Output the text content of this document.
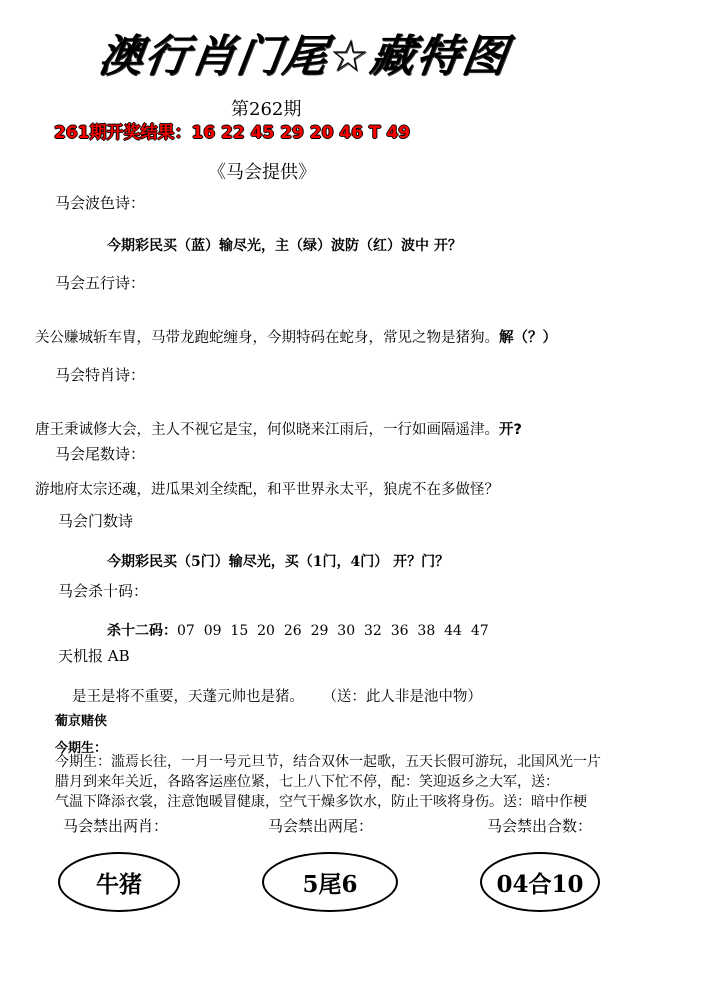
澳行肖门尾☆藏特图
第262期
261期开奖结果：16 22 45 29 20 46 T 49
《马会提供》
马会波色诗：
今期彩民买（蓝）输尽光，主（绿）波防（红）波中 开？
马会五行诗：
关公赚城斩车胄，马带龙跑蛇缠身，今期特码在蛇身，常见之物是猪狗。解（？）
马会特肖诗：
唐王秉诚修大会，主人不视它是宝，何似晓来江雨后，一行如画隔遥津。开?
马会尾数诗：
游地府太宗还魂，进瓜果刘全续配，和平世界永太平，狼虎不在多做怪？
马会门数诗
今期彩民买（5门）输尽光，买（1门，4门） 开？门？
马会杀十码：
杀十二码：07  09  15  20  26  29  30  32  36  38  44  47
天机报 AB
是王是将不重要，天蓬元帅也是猪。 （送：此人非是池中物）
葡京赌侠
今期生：
今期生：滥焉长往，一月一号元旦节，结合双休一起歌，五天长假可游玩，北国风光一片
腊月到来年关近，各路客运座位紧，七上八下忙不停，配：笑迎返乡之大军，送：
气温下降添衣裳，注意饱暖冒健康，空气干燥多饮水，防止干咳将身伤。送：暗中作梗
马会禁出两肖：	马会禁出两尾：	马会禁出合数：
牛猪	5尾6	04合10
